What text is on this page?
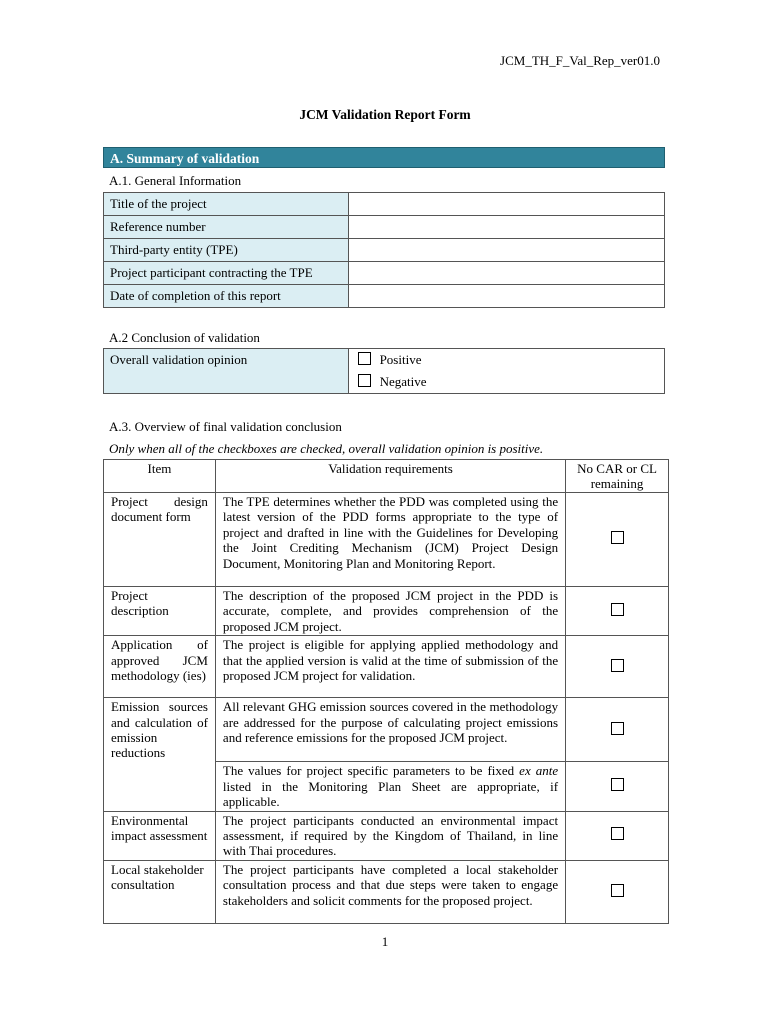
JCM_TH_F_Val_Rep_ver01.0
JCM Validation Report Form
A. Summary of validation
A.1. General Information
Title of the project	
Reference number	
Third-party entity (TPE)	
Project participant contracting the TPE	
Date of completion of this report	
A.2 Conclusion of validation
Overall validation opinion	Positive
Negative
A.3. Overview of final validation conclusion
Only when all of the checkboxes are checked, overall validation opinion is positive.
Item	Validation requirements	No CAR or CL remaining
Project design document form	The TPE determines whether the PDD was completed using the latest version of the PDD forms appropriate to the type of project and drafted in line with the Guidelines for Developing the Joint Crediting Mechanism (JCM) Project Design Document, Monitoring Plan and Monitoring Report.	
Project description	The description of the proposed JCM project in the PDD is accurate, complete, and provides comprehension of the proposed JCM project.	
Application of approved JCM methodology (ies)	The project is eligible for applying applied methodology and that the applied version is valid at the time of submission of the proposed JCM project for validation.	
Emission sources and calculation of emission reductions	All relevant GHG emission sources covered in the methodology are addressed for the purpose of calculating project emissions and reference emissions for the proposed JCM project.	
	The values for project specific parameters to be fixed ex ante listed in the Monitoring Plan Sheet are appropriate, if applicable.	
Environmental impact assessment	The project participants conducted an environmental impact assessment, if required by the Kingdom of Thailand, in line with Thai procedures.	
Local stakeholder consultation	The project participants have completed a local stakeholder consultation process and that due steps were taken to engage stakeholders and solicit comments for the proposed project.	
1
